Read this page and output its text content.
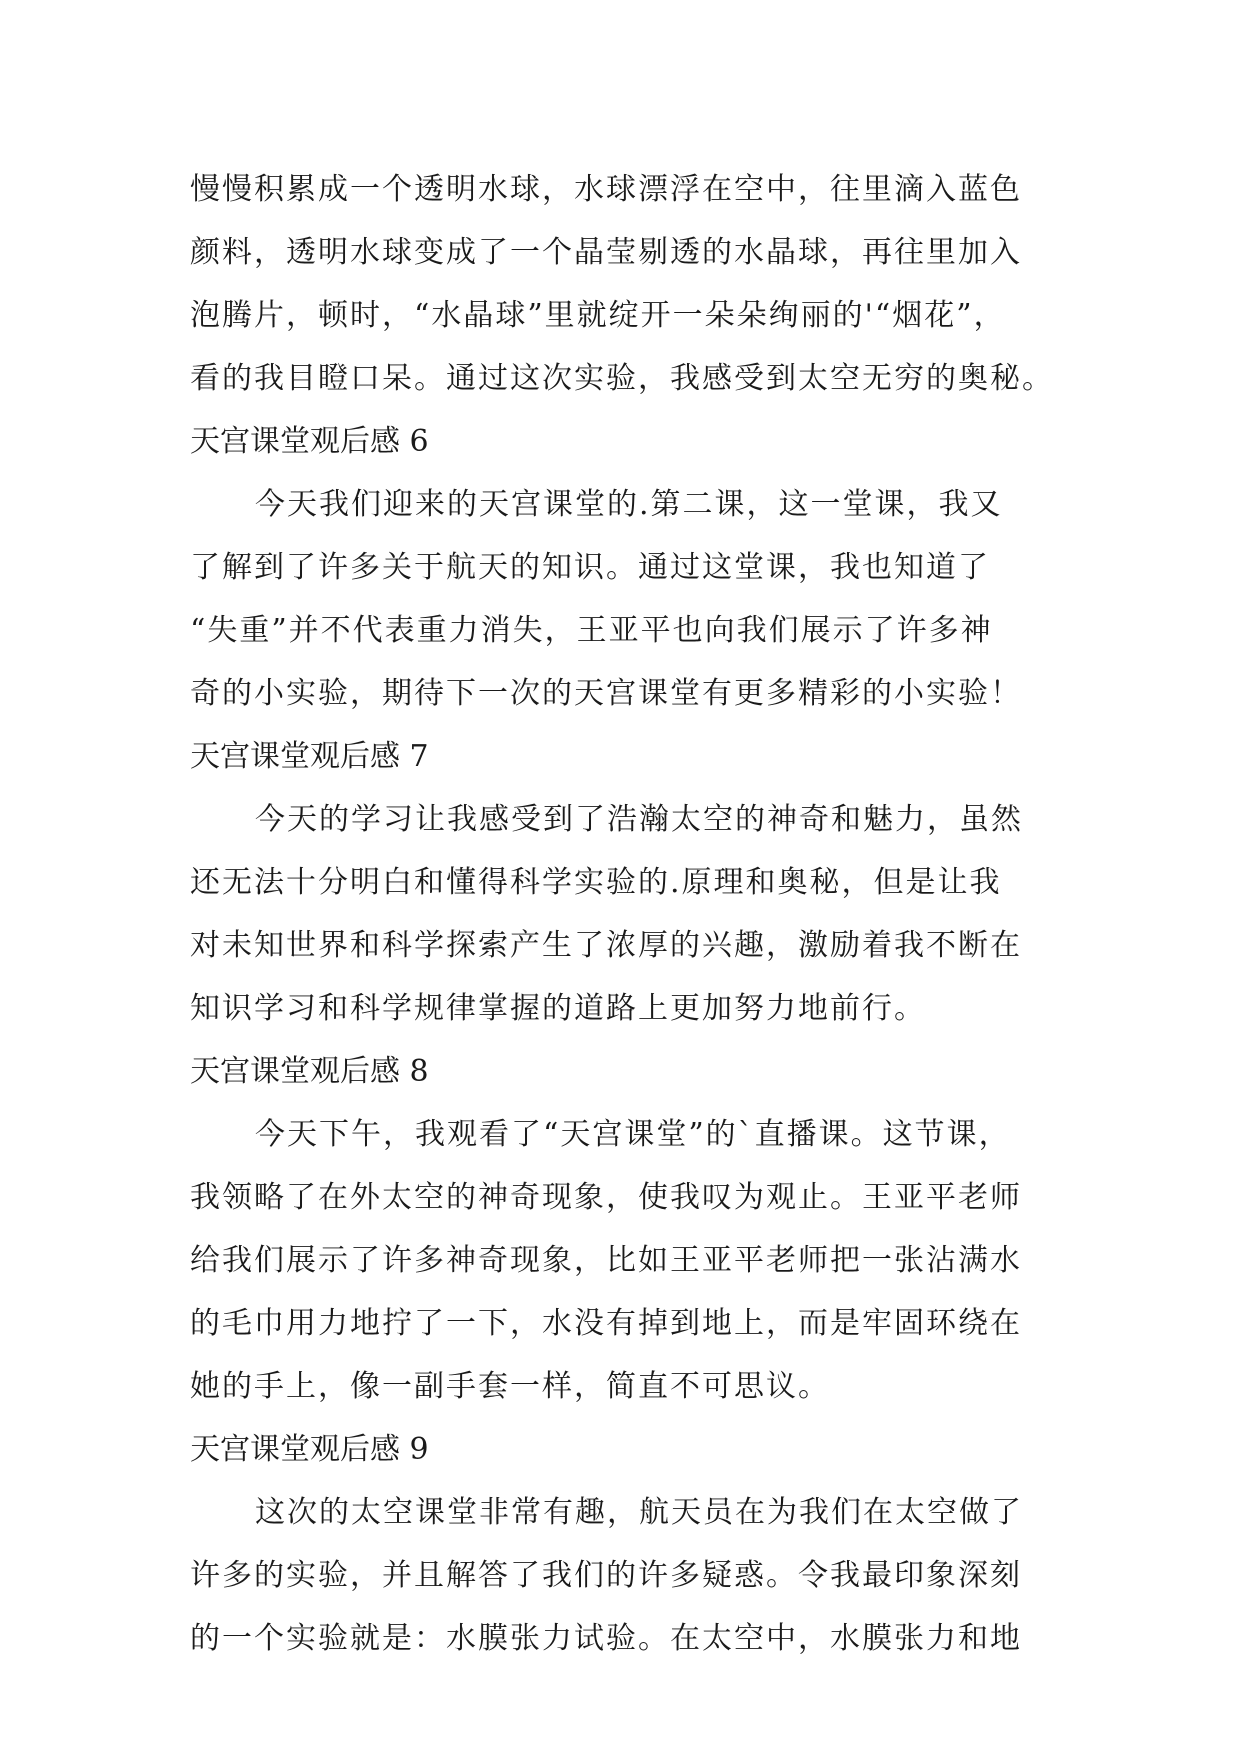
慢慢积累成一个透明水球，水球漂浮在空中，往里滴入蓝色
颜料，透明水球变成了一个晶莹剔透的水晶球，再往里加入
泡腾片，顿时，“水晶球”里就绽开一朵朵绚丽的'“烟花”，
看的我目瞪口呆。通过这次实验，我感受到太空无穷的奥秘。
天宫课堂观后感 6
今天我们迎来的天宫课堂的.第二课，这一堂课，我又
了解到了许多关于航天的知识。通过这堂课，我也知道了
“失重”并不代表重力消失，王亚平也向我们展示了许多神
奇的小实验，期待下一次的天宫课堂有更多精彩的小实验！
天宫课堂观后感 7
今天的学习让我感受到了浩瀚太空的神奇和魅力，虽然
还无法十分明白和懂得科学实验的.原理和奥秘，但是让我
对未知世界和科学探索产生了浓厚的兴趣，激励着我不断在
知识学习和科学规律掌握的道路上更加努力地前行。
天宫课堂观后感 8
今天下午，我观看了“天宫课堂”的`直播课。这节课，
我领略了在外太空的神奇现象，使我叹为观止。王亚平老师
给我们展示了许多神奇现象，比如王亚平老师把一张沾满水
的毛巾用力地拧了一下，水没有掉到地上，而是牢固环绕在
她的手上，像一副手套一样，简直不可思议。
天宫课堂观后感 9
这次的太空课堂非常有趣，航天员在为我们在太空做了
许多的实验，并且解答了我们的许多疑惑。令我最印象深刻
的一个实验就是：水膜张力试验。在太空中，水膜张力和地
